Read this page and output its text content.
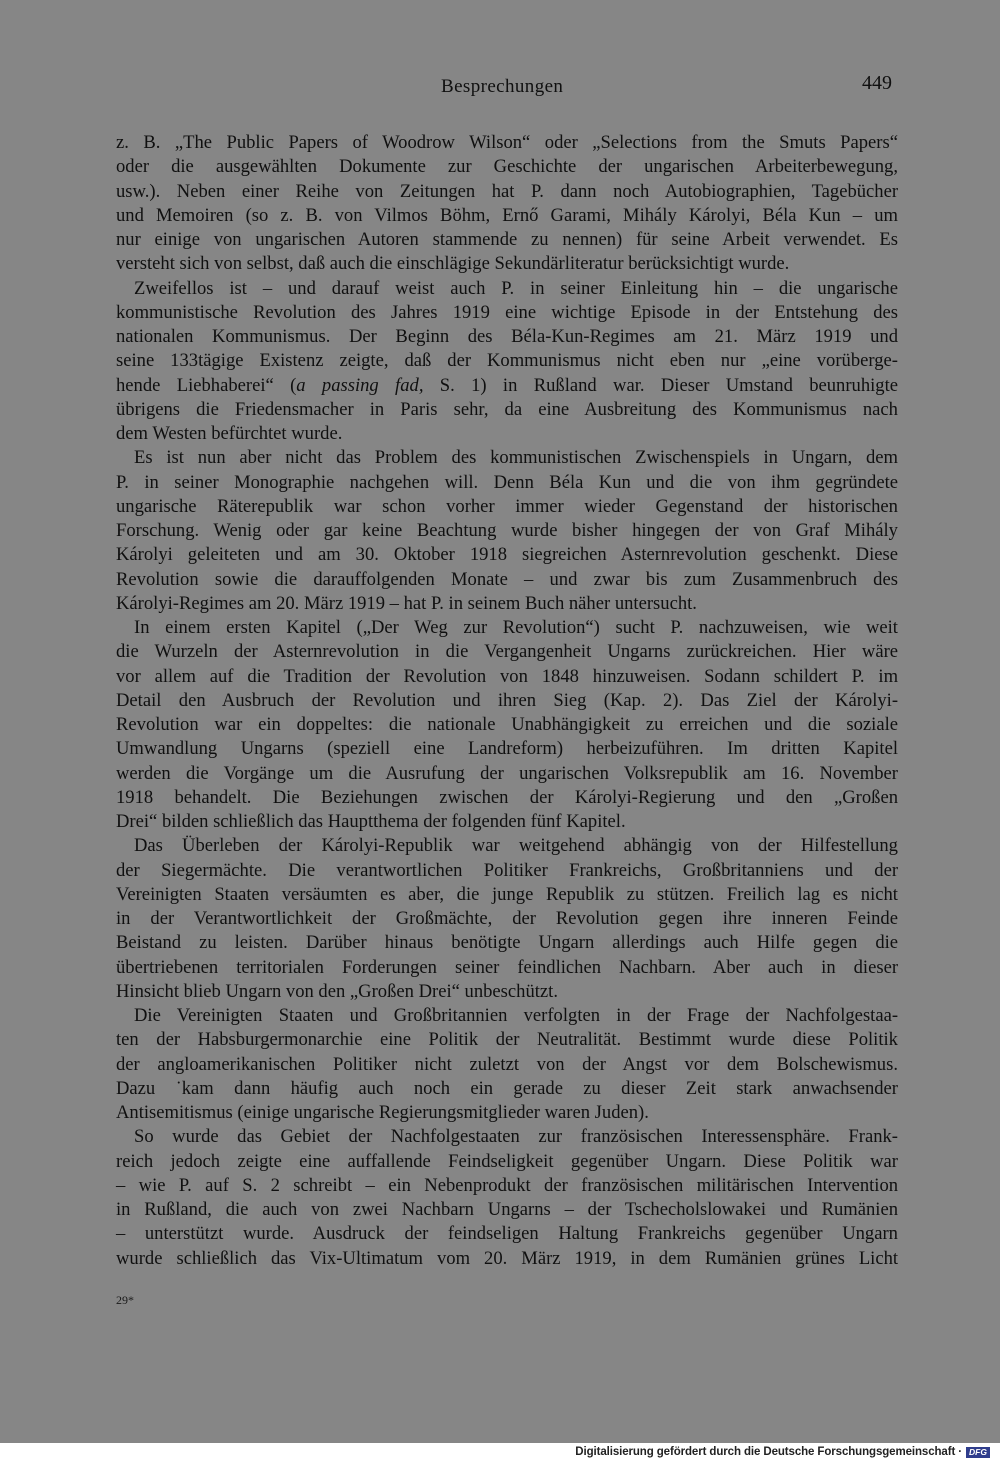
Besprechungen	449
z. B. „The Public Papers of Woodrow Wilson“ oder „Selections from the Smuts Papers“
oder die ausgewählten Dokumente zur Geschichte der ungarischen Arbeiterbewegung,
usw.). Neben einer Reihe von Zeitungen hat P. dann noch Autobiographien, Tagebücher
und Memoiren (so z. B. von Vilmos Böhm, Ernő Garami, Mihály Károlyi, Béla Kun – um
nur einige von ungarischen Autoren stammende zu nennen) für seine Arbeit verwendet. Es
versteht sich von selbst, daß auch die einschlägige Sekundärliteratur berücksichtigt wurde.
Zweifellos ist – und darauf weist auch P. in seiner Einleitung hin – die ungarische
kommunistische Revolution des Jahres 1919 eine wichtige Episode in der Entstehung des
nationalen Kommunismus. Der Beginn des Béla-Kun-Regimes am 21. März 1919 und
seine 133tägige Existenz zeigte, daß der Kommunismus nicht eben nur „eine vorüberge-
hende Liebhaberei“ (a passing fad, S. 1) in Rußland war. Dieser Umstand beunruhigte
übrigens die Friedensmacher in Paris sehr, da eine Ausbreitung des Kommunismus nach
dem Westen befürchtet wurde.
Es ist nun aber nicht das Problem des kommunistischen Zwischenspiels in Ungarn, dem
P. in seiner Monographie nachgehen will. Denn Béla Kun und die von ihm gegründete
ungarische Räterepublik war schon vorher immer wieder Gegenstand der historischen
Forschung. Wenig oder gar keine Beachtung wurde bisher hingegen der von Graf Mihály
Károlyi geleiteten und am 30. Oktober 1918 siegreichen Asternrevolution geschenkt. Diese
Revolution sowie die darauffolgenden Monate – und zwar bis zum Zusammenbruch des
Károlyi-Regimes am 20. März 1919 – hat P. in seinem Buch näher untersucht.
In einem ersten Kapitel („Der Weg zur Revolution“) sucht P. nachzuweisen, wie weit
die Wurzeln der Asternrevolution in die Vergangenheit Ungarns zurückreichen. Hier wäre
vor allem auf die Tradition der Revolution von 1848 hinzuweisen. Sodann schildert P. im
Detail den Ausbruch der Revolution und ihren Sieg (Kap. 2). Das Ziel der Károlyi-
Revolution war ein doppeltes: die nationale Unabhängigkeit zu erreichen und die soziale
Umwandlung Ungarns (speziell eine Landreform) herbeizuführen. Im dritten Kapitel
werden die Vorgänge um die Ausrufung der ungarischen Volksrepublik am 16. November
1918 behandelt. Die Beziehungen zwischen der Károlyi-Regierung und den „Großen
Drei“ bilden schließlich das Hauptthema der folgenden fünf Kapitel.
Das Überleben der Károlyi-Republik war weitgehend abhängig von der Hilfestellung
der Siegermächte. Die verantwortlichen Politiker Frankreichs, Großbritanniens und der
Vereinigten Staaten versäumten es aber, die junge Republik zu stützen. Freilich lag es nicht
in der Verantwortlichkeit der Großmächte, der Revolution gegen ihre inneren Feinde
Beistand zu leisten. Darüber hinaus benötigte Ungarn allerdings auch Hilfe gegen die
übertriebenen territorialen Forderungen seiner feindlichen Nachbarn. Aber auch in dieser
Hinsicht blieb Ungarn von den „Großen Drei“ unbeschützt.
Die Vereinigten Staaten und Großbritannien verfolgten in der Frage der Nachfolgestaa-
ten der Habsburgermonarchie eine Politik der Neutralität. Bestimmt wurde diese Politik
der angloamerikanischen Politiker nicht zuletzt von der Angst vor dem Bolschewismus.
Dazu ˙kam dann häufig auch noch ein gerade zu dieser Zeit stark anwachsender
Antisemitismus (einige ungarische Regierungsmitglieder waren Juden).
So wurde das Gebiet der Nachfolgestaaten zur französischen Interessensphäre. Frank-
reich jedoch zeigte eine auffallende Feindseligkeit gegenüber Ungarn. Diese Politik war
– wie P. auf S. 2 schreibt – ein Nebenprodukt der französischen militärischen Intervention
in Rußland, die auch von zwei Nachbarn Ungarns – der Tschecholslowakei und Rumänien
– unterstützt wurde. Ausdruck der feindseligen Haltung Frankreichs gegenüber Ungarn
wurde schließlich das Vix-Ultimatum vom 20. März 1919, in dem Rumänien grünes Licht
29*
Digitalisierung gefördert durch die Deutsche Forschungsgemeinschaft · DFG
